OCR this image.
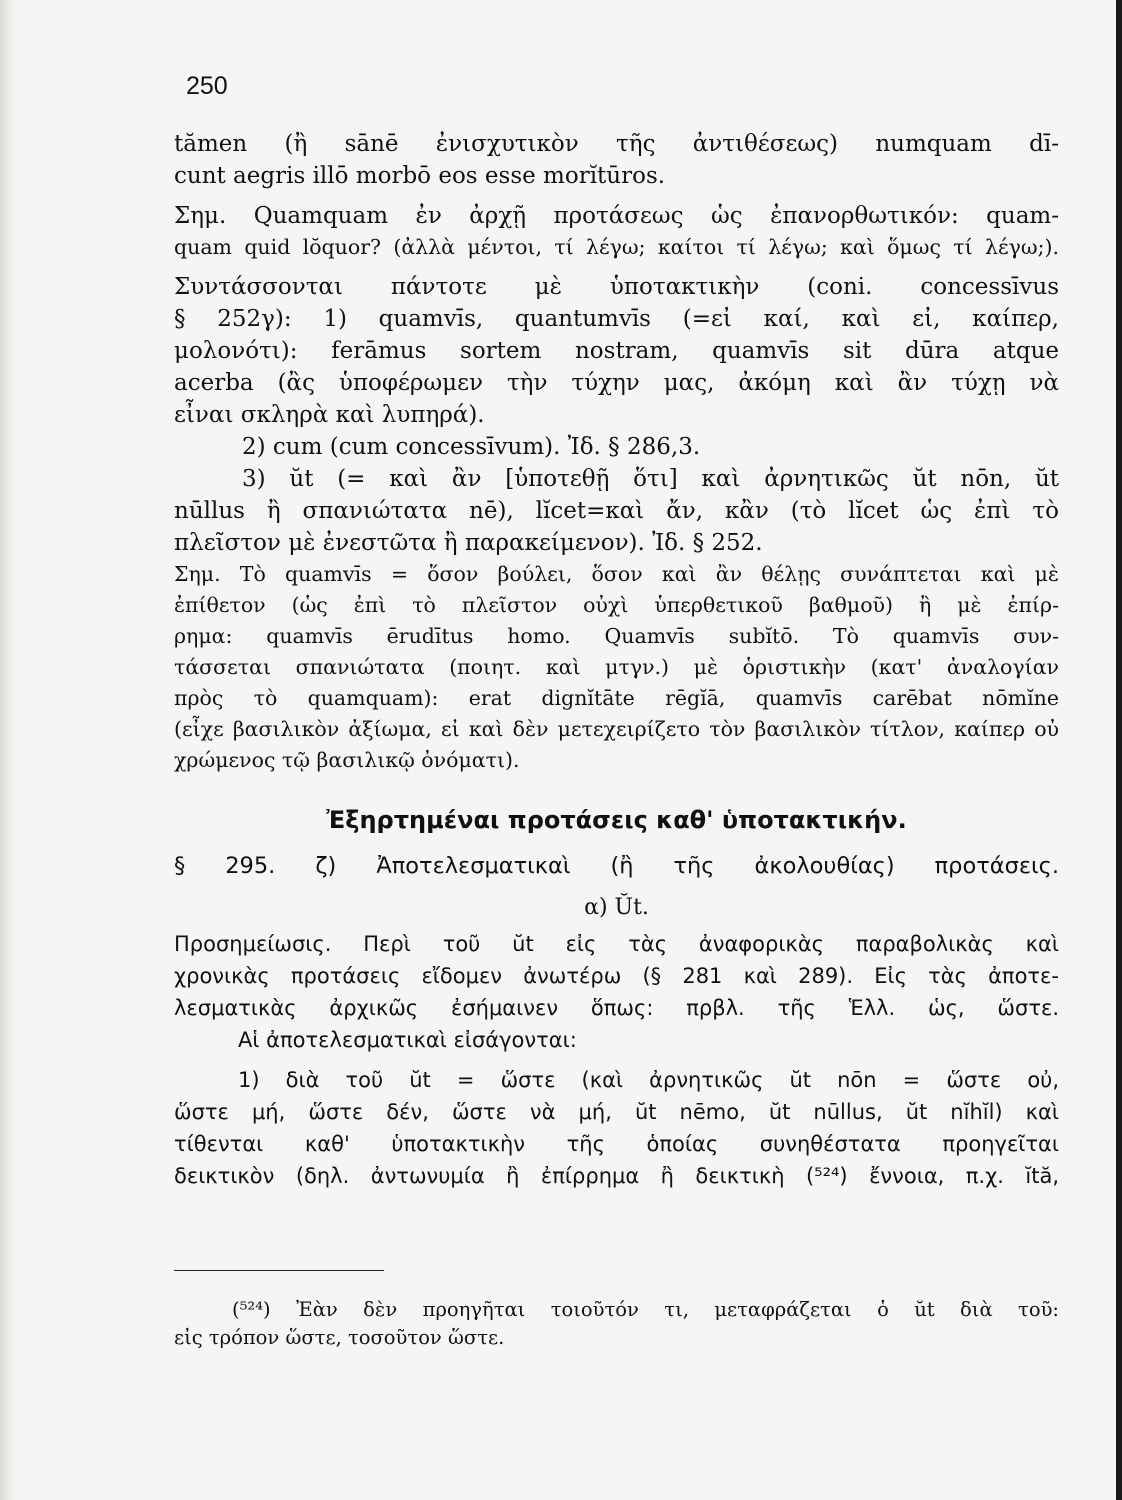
250
tămen (ἢ sānē ἐνισχυτικὸν τῆς ἀντιθέσεως) numquam dī-
cunt aegris illō morbō eos esse morĭtūros.
Σημ. Quamquam ἐν ἀρχῇ προτάσεως ὡς ἐπανορθωτικόν: quam-
quam quid lŏquor? (ἀλλὰ μέντοι, τί λέγω; καίτοι τί λέγω; καὶ ὅμως τί λέγω;).
Συντάσσονται πάντοτε μὲ ὑποτακτικὴν (coni. concessīvus
§ 252γ): 1) quamvīs, quantumvīs (=εἰ καί, καὶ εἰ, καίπερ,
μολονότι): ferāmus sortem nostram, quamvīs sit dūra atque
acerba (ἂς ὑποφέρωμεν τὴν τύχην μας, ἀκόμη καὶ ἂν τύχῃ νὰ
εἶναι σκληρὰ καὶ λυπηρά).
2) cum (cum concessīvum). Ἰδ. § 286,3.
3) ŭt (= καὶ ἂν [ὑποτεθῇ ὅτι] καὶ ἀρνητικῶς ŭt nōn, ŭt
nūllus ἢ σπανιώτατα nē), lĭcet=καὶ ἄν, κἂν (τὸ lĭcet ὡς ἐπὶ τὸ
πλεῖστον μὲ ἐνεστῶτα ἢ παρακείμενον). Ἰδ. § 252.
Σημ. Τὸ quamvīs = ὅσον βούλει, ὅσον καὶ ἂν θέλῃς συνάπτεται καὶ μὲ
ἐπίθετον (ὡς ἐπὶ τὸ πλεῖστον οὐχὶ ὑπερθετικοῦ βαθμοῦ) ἢ μὲ ἐπίρ-
ρημα: quamvīs ērudītus homo. Quamvīs subĭtō. Τὸ quamvīs συν-
τάσσεται σπανιώτατα (ποιητ. καὶ μτγν.) μὲ ὁριστικὴν (κατ' ἀναλογίαν
πρὸς τὸ quamquam): erat dignĭtāte rēgĭā, quamvīs carēbat nōmĭne
(εἶχε βασιλικὸν ἀξίωμα, εἰ καὶ δὲν μετεχειρίζετο τὸν βασιλικὸν τίτλον, καίπερ οὐ
χρώμενος τῷ βασιλικῷ ὀνόματι).
Ἐξηρτημέναι προτάσεις καθ' ὑποτακτικήν.
§ 295. ζ) Ἀποτελεσματικαὶ (ἢ τῆς ἀκολουθίας) προτάσεις.
α) Ŭt.
Προσημείωσις. Περὶ τοῦ ŭt εἰς τὰς ἀναφορικὰς παραβολικὰς καὶ
χρονικὰς προτάσεις εἴδομεν ἀνωτέρω (§ 281 καὶ 289). Εἰς τὰς ἀποτε-
λεσματικὰς ἀρχικῶς ἐσήμαινεν ὅπως: πρβλ. τῆς Ἑλλ. ὡς, ὥστε.
Αἱ ἀποτελεσματικαὶ εἰσάγονται:
1) διὰ τοῦ ŭt = ὥστε (καὶ ἀρνητικῶς ŭt nōn = ὥστε οὐ,
ὥστε μή, ὥστε δέν, ὥστε νὰ μή, ŭt nēmo, ŭt nūllus, ŭt nĭhĭl) καὶ
τίθενται καθ' ὑποτακτικὴν τῆς ὁποίας συνηθέστατα προηγεῖται
δεικτικὸν (δηλ. ἀντωνυμία ἢ ἐπίρρημα ἢ δεικτικὴ (⁵²⁴) ἔννοια, π.χ. ĭtă,
(⁵²⁴) Ἐὰν δὲν προηγῆται τοιοῦτόν τι, μεταφράζεται ὁ ŭt διὰ τοῦ:
εἰς τρόπον ὥστε, τοσοῦτον ὥστε.
